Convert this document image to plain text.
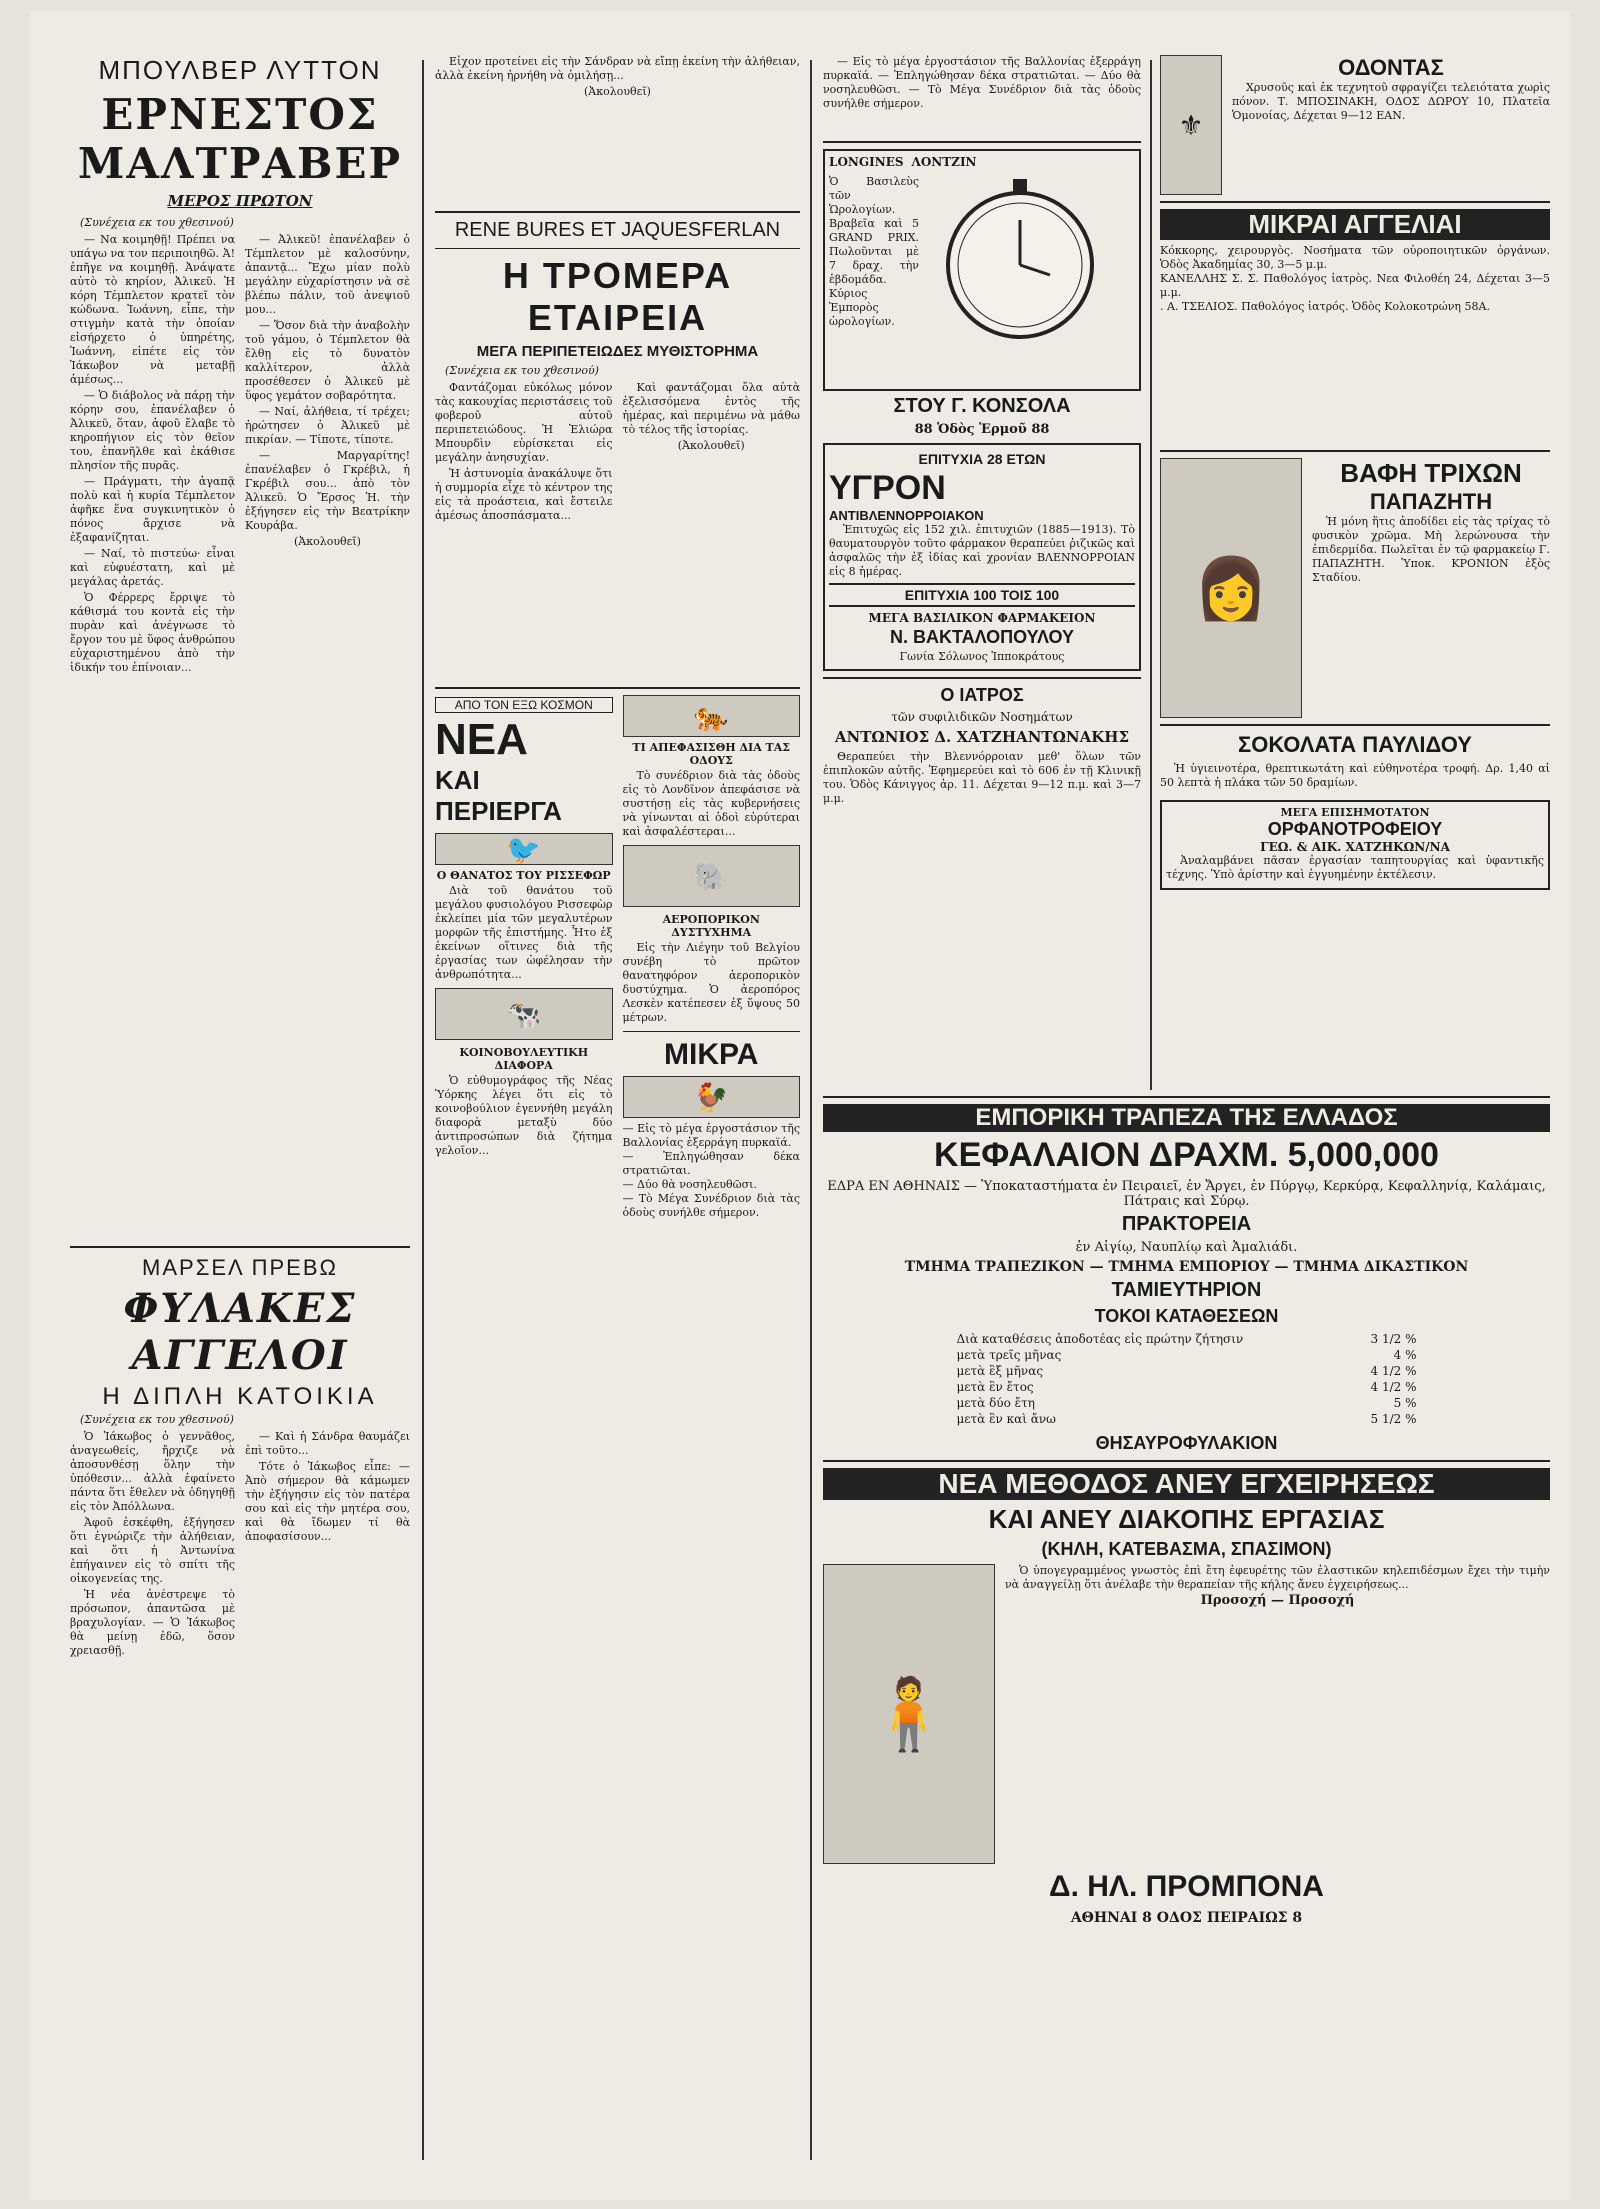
ΜΠΟΥΛΒΕΡ ΛΥΤΤΟΝ

ΕΡΝΕΣΤΟΣ ΜΑΛΤΡΑΒΕΡ

ΜΕΡΟΣ ΠΡΩΤΟΝ

(Συνέχεια εκ του χθεσινού)

— Να κοιμηθῇ! Πρέπει να υπάγω να τον περιποιηθῶ. Ἀ! ἐπῆγε να κοιμηθῇ. Ἀνάψατε αὐτὸ τὸ κηρίον, Ἀλικεῦ. Ἡ κόρη Τέμπλετον κρατεῖ τὸν κώδωνα. Ἰωάννη, εἶπε, τὴν στιγμὴν κατὰ τὴν ὁποίαν εἰσήρχετο ὁ ὑπηρέτης, Ἰωάννη, εἰπέτε εἰς τὸν Ἰάκωβον νὰ μεταβῇ ἀμέσως...

— Ὁ διάβολος νὰ πάρῃ τὴν κόρην σου, ἐπανέλαβεν ὁ Ἀλικεῦ, ὅταν, ἀφοῦ ἔλαβε τὸ κηροπήγιον εἰς τὸν θεῖον του, ἐπανῆλθε καὶ ἐκάθισε πλησίον τῆς πυρᾶς.

— Πράγματι, τὴν ἀγαπᾷ πολὺ καὶ ἡ κυρία Τέμπλετον ἀφῆκε ἕνα συγκινητικὸν ὁ πόνος ἄρχισε νὰ ἐξαφανίζηται.

— Ναί, τὸ πιστεύω· εἶναι καὶ εὐφυέστατη, καὶ μὲ μεγάλας ἀρετάς.

Ὁ Φέρρερς ἔρριψε τὸ κάθισμά του κοντὰ εἰς τὴν πυρὰν καὶ ἀνέγνωσε τὸ ἔργον του μὲ ὕφος ἀνθρώπου εὐχαριστημένου ἀπὸ τὴν ἰδικήν του ἐπίνοιαν...

— Ἀλικεῦ! ἐπανέλαβεν ὁ Τέμπλετον μὲ καλοσύνην, ἀπαντᾷ... Ἔχω μίαν πολὺ μεγάλην εὐχαρίστησιν νὰ σὲ βλέπω πάλιν, τοῦ ἀνεψιοῦ μου...

— Ὅσον διὰ τὴν ἀναβολὴν τοῦ γάμου, ὁ Τέμπλετον θὰ ἔλθῃ εἰς τὸ δυνατὸν καλλίτερον, ἀλλὰ προσέθεσεν ὁ Ἀλικεῦ μὲ ὕφος γεμάτον σοβαρότητα.

— Ναί, ἀλήθεια, τί τρέχει; ἠρώτησεν ὁ Ἀλικεῦ μὲ πικρίαν. — Τίποτε, τίποτε.

— Μαργαρίτης! ἐπανέλαβεν ὁ Γκρέβιλ, ἡ Γκρέβιλ σου... ἀπὸ τὸν Ἀλικεῦ. Ὁ Ἔρσος Ἠ. τὴν ἐξήγησεν εἰς τὴν Βεατρίκην Κουράβα.

(Ἀκολουθεῖ)

ΜΑΡΣΕΛ ΠΡΕΒΩ

ΦΥΛΑΚΕΣ ΑΓΓΕΛΟΙ

Η ΔΙΠΛΗ ΚΑΤΟΙΚΙΑ

(Συνέχεια εκ του χθεσινού)

Ὁ Ἰάκωβος ὁ γεννᾶθος, ἀναγεωθείς, ἤρχιζε νὰ ἀποσυνθέσῃ ὅλην τὴν ὑπόθεσιν... ἀλλὰ ἐφαίνετο πάντα ὅτι ἔθελεν νὰ ὁδηγηθῇ εἰς τὸν Ἀπόλλωνα.

Ἀφοῦ ἐσκέφθη, ἐξήγησεν ὅτι ἐγνώριζε τὴν ἀλήθειαν, καὶ ὅτι ἡ Ἀντωνίνα ἐπήγαινεν εἰς τὸ σπίτι τῆς οἰκογενείας της.

Ἡ νέα ἀνέστρεψε τὸ πρόσωπον, ἀπαντῶσα μὲ βραχυλογίαν. — Ὁ Ἰάκωβος θὰ μείνῃ ἐδῶ, ὅσον χρειασθῇ.

— Καὶ ἡ Σάνδρα θαυμάζει ἐπὶ τοῦτο...

Τότε ὁ Ἰάκωβος εἶπε: — Ἀπὸ σήμερον θὰ κάμωμεν τὴν ἐξήγησιν εἰς τὸν πατέρα σου καὶ εἰς τὴν μητέρα σου, καὶ θὰ ἴδωμεν τί θὰ ἀποφασίσουν...

Εἶχον προτείνει εἰς τὴν Σάνδραν νὰ εἴπῃ ἐκείνη τὴν ἀλήθειαν, ἀλλὰ ἐκείνη ἠρνήθη νὰ ὁμιλήσῃ...

(Ἀκολουθεῖ)

RENE BURES ET JAQUESFERLAN

Η ΤΡΟΜΕΡΑ ΕΤΑΙΡΕΙΑ

ΜΕΓΑ ΠΕΡΙΠΕΤΕΙΩΔΕΣ ΜΥΘΙΣΤΟΡΗΜΑ

(Συνέχεια εκ του χθεσινού)

Φαντάζομαι εὐκόλως μόνον τὰς κακουχίας περιστάσεις τοῦ φοβεροῦ αὐτοῦ περιπετειώδους. Ἡ Ἐλιώρα Μπουρδὶν εὑρίσκεται εἰς μεγάλην ἀνησυχίαν.

Ἡ ἀστυνομία ἀνακάλυψε ὅτι ἡ συμμορία εἶχε τὸ κέντρον της εἰς τὰ προάστεια, καὶ ἔστειλε ἀμέσως ἀποσπάσματα...

Καὶ φαντάζομαι ὅλα αὐτὰ ἐξελισσόμενα ἐντὸς τῆς ἡμέρας, καὶ περιμένω νὰ μάθω τὸ τέλος τῆς ἱστορίας.

(Ἀκολουθεῖ)

ΑΠΟ ΤΟΝ ΕΞΩ ΚΟΣΜΟΝ

ΝΕΑ

ΚΑΙ ΠΕΡΙΕΡΓΑ

🐦

Ο ΘΑΝΑΤΟΣ ΤΟΥ ΡΙΣΣΕΦΩΡ

Διὰ τοῦ θανάτου τοῦ μεγάλου φυσιολόγου Ρισσεφὼρ ἐκλείπει μία τῶν μεγαλυτέρων μορφῶν τῆς ἐπιστήμης. Ἦτο ἐξ ἐκείνων οἵτινες διὰ τῆς ἐργασίας των ὠφέλησαν τὴν ἀνθρωπότητα...

🐄

ΚΟΙΝΟΒΟΥΛΕΥΤΙΚΗ ΔΙΑΦΟΡΑ

Ὁ εὐθυμογράφος τῆς Νέας Ὑόρκης λέγει ὅτι εἰς τὸ κοινοβούλιον ἐγεννήθη μεγάλη διαφορὰ μεταξὺ δύο ἀντιπροσώπων διὰ ζήτημα γελοῖον...

🐅

ΤΙ ΑΠΕΦΑΣΙΣΘΗ ΔΙΑ ΤΑΣ ΟΔΟΥΣ

Τὸ συνέδριον διὰ τὰς ὁδοὺς εἰς τὸ Λονδῖνον ἀπεφάσισε νὰ συστήσῃ εἰς τὰς κυβερνήσεις νὰ γίνωνται αἱ ὁδοὶ εὐρύτεραι καὶ ἀσφαλέστεραι...

🐘

ΑΕΡΟΠΟΡΙΚΟΝ ΔΥΣΤΥΧΗΜΑ

Εἰς τὴν Λιέγην τοῦ Βελγίου συνέβη τὸ πρῶτον θανατηφόρον ἀεροπορικὸν δυστύχημα. Ὁ ἀεροπόρος Λεσκὲν κατέπεσεν ἐξ ὕψους 50 μέτρων.

ΜΙΚΡΑ

🐓
— Εἰς τὸ μέγα ἐργοστάσιον τῆς Βαλλονίας ἐξερράγη πυρκαϊά.
— Ἐπληγώθησαν δέκα στρατιῶται.
— Δύο θὰ νοσηλευθῶσι.
— Τὸ Μέγα Συνέδριον διὰ τὰς ὁδοὺς συνήλθε σήμερον.

— Εἰς τὸ μέγα ἐργοστάσιον τῆς Βαλλονίας ἐξερράγη πυρκαϊά. — Ἐπληγώθησαν δέκα στρατιῶται. — Δύο θὰ νοσηλευθῶσι. — Τὸ Μέγα Συνέδριον διὰ τὰς ὁδοὺς συνήλθε σήμερον.

LONGINES ΛΟΝΤΖΙΝ

Ὁ Βασιλεὺς τῶν Ὡρολογίων. Βραβεῖα καὶ 5 GRAND PRIX. Πωλοῦνται μὲ 7 δραχ. τὴν ἑβδομάδα. Κύριος Ἐμπορὸς ὡρολογίων.

ΣΤΟΥ Γ. ΚΟΝΣΟΛΑ

88 Ὁδὸς Ἑρμοῦ 88

ΕΠΙΤΥΧΙΑ 28 ΕΤΩΝ

ΥΓΡΟΝ

ΑΝΤΙΒΛΕΝΝΟΡΡΟΙΑΚΟΝ

Ἐπιτυχῶς εἰς 152 χιλ. ἐπιτυχιῶν (1885—1913). Τὸ θαυματουργὸν τοῦτο φάρμακον θεραπεύει ῥιζικῶς καὶ ἀσφαλῶς τὴν ἐξ ἰδίας καὶ χρονίαν ΒΛΕΝΝΟΡΡΟΙΑΝ εἰς 8 ἡμέρας.

ΕΠΙΤΥΧΙΑ 100 ΤΟΙΣ 100

ΜΕΓΑ ΒΑΣΙΛΙΚΟΝ ΦΑΡΜΑΚΕΙΟΝ

Ν. ΒΑΚΤΑΛΟΠΟΥΛΟΥ

Γωνία Σόλωνος Ἱπποκράτους

Ο ΙΑΤΡΟΣ

τῶν συφιλιδικῶν Νοσημάτων

ΑΝΤΩΝΙΟΣ Δ. ΧΑΤΖΗΑΝΤΩΝΑΚΗΣ

Θεραπεύει τὴν Βλεννόρροιαν μεθ' ὅλων τῶν ἐπιπλοκῶν αὐτῆς. Ἐφημερεύει καὶ τὸ 606 ἐν τῇ Κλινικῇ του. Ὁδὸς Κάνιγγος ἀρ. 11. Δέχεται 9—12 π.μ. καὶ 3—7 μ.μ.

⚜

ΟΔΟΝΤΑΣ

Χρυσοῦς καὶ ἐκ τεχνητοῦ σφραγίζει τελειότατα χωρὶς πόνον. Τ. ΜΠΟΣΙΝΑΚΗ, ΟΔΟΣ ΔΩΡΟΥ 10, Πλατεῖα Ὁμονοίας, Δέχεται 9—12 ΕΑΝ.

ΜΙΚΡΑΙ ΑΓΓΕΛΙΑΙ

Κόκκορης, χειρουργὸς. Νοσήματα τῶν οὐροποιητικῶν ὀργάνων. Ὁδὸς Ἀκαδημίας 30, 3—5 μ.μ.
ΚΑΝΕΛΛΗΣ Σ. Σ. Παθολόγος ἰατρὸς. Νεα Φιλοθέη 24, Δέχεται 3—5 μ.μ.
. Α. ΤΣΕΛΙΟΣ. Παθολόγος ἰατρός. Ὁδὸς Κολοκοτρώνη 58Α.
👩

ΒΑΦΗ ΤΡΙΧΩΝ

ΠΑΠΑΖΗΤΗ

Ἡ μόνη ἥτις ἀποδίδει εἰς τὰς τρίχας τὸ φυσικὸν χρῶμα. Μὴ λερώνουσα τὴν ἐπιδερμίδα. Πωλεῖται ἐν τῷ φαρμακείῳ Γ. ΠΑΠΑΖΗΤΗ. Ὑποκ. ΚΡΟΝΙΟΝ ἐξὸς Σταδίου.

ΣΟΚΟΛΑΤΑ ΠΑΥΛΙΔΟΥ

Ἡ ὑγιεινοτέρα, θρεπτικωτάτη καὶ εὐθηνοτέρα τροφή. Δρ. 1,40 αἱ 50 λεπτὰ ἡ πλάκα τῶν 50 δραμίων.

ΜΕΓΑ ΕΠΙΣΗΜΟΤΑΤΟΝ

ΟΡΦΑΝΟΤΡΟΦΕΙΟΥ

ΓΕΩ. & ΑΙΚ. ΧΑΤΖΗΚΩΝ/ΝΑ

Ἀναλαμβάνει πᾶσαν ἐργασίαν ταπητουργίας καὶ ὑφαντικῆς τέχνης. Ὑπὸ ἀρίστην καὶ ἐγγυημένην ἐκτέλεσιν.

ΕΜΠΟΡΙΚΗ ΤΡΑΠΕΖΑ ΤΗΣ ΕΛΛΑΔΟΣ

ΚΕΦΑΛΑΙΟΝ ΔΡΑΧΜ. 5,000,000

ΕΔΡΑ ΕΝ ΑΘΗΝΑΙΣ — Ὑποκαταστήματα ἐν Πειραιεῖ, ἐν Ἄργει, ἐν Πύργῳ, Κερκύρᾳ, Κεφαλληνίᾳ, Καλάμαις, Πάτραις καὶ Σύρῳ.

ΠΡΑΚΤΟΡΕΙΑ

ἐν Αἰγίῳ, Ναυπλίῳ καὶ Ἀμαλιάδι.

ΤΜΗΜΑ ΤΡΑΠΕΖΙΚΟΝ — ΤΜΗΜΑ ΕΜΠΟΡΙΟΥ — ΤΜΗΜΑ ΔΙΚΑΣΤΙΚΟΝ

ΤΑΜΙΕΥΤΗΡΙΟΝ

ΤΟΚΟΙ ΚΑΤΑΘΕΣΕΩΝ

Διὰ καταθέσεις ἀποδοτέας εἰς πρώτην ζήτησιν	3 1/2 %
μετὰ τρεῖς μῆνας	4 %
μετὰ ἓξ μῆνας	4 1/2 %
μετὰ ἓν ἔτος	4 1/2 %
μετὰ δύο ἔτη	5 %
μετὰ ἓν καὶ ἄνω	5 1/2 %

ΘΗΣΑΥΡΟΦΥΛΑΚΙΟΝ

ΝΕΑ ΜΕΘΟΔΟΣ ΑΝΕΥ ΕΓΧΕΙΡΗΣΕΩΣ

ΚΑΙ ΑΝΕΥ ΔΙΑΚΟΠΗΣ ΕΡΓΑΣΙΑΣ

(ΚΗΛΗ, ΚΑΤΕΒΑΣΜΑ, ΣΠΑΣΙΜΟΝ)

🧍

Ὁ ὑπογεγραμμένος γνωστὸς ἐπὶ ἔτη ἐφευρέτης τῶν ἐλαστικῶν κηλεπιδέσμων ἔχει τὴν τιμὴν νὰ ἀναγγείλῃ ὅτι ἀνέλαβε τὴν θεραπείαν τῆς κήλης ἄνευ ἐγχειρήσεως...

Προσοχή — Προσοχή

Δ. ΗΛ. ΠΡΟΜΠΟΝΑ

ΑΘΗΝΑΙ 8 ΟΔΟΣ ΠΕΙΡΑΙΩΣ 8
